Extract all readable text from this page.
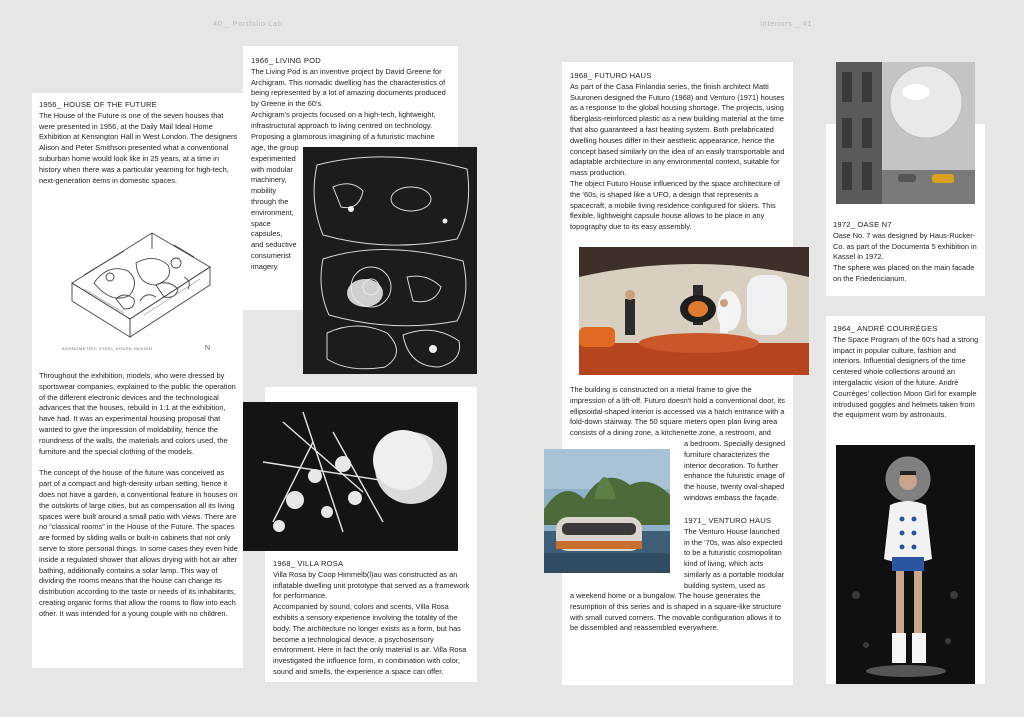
40 _ Portfolio Lab	Interiors _ 41
1956_ HOUSE OF THE FUTURE

The House of the Future is one of the seven houses that were presented in 1956, at the Daily Mail Ideal Home Exhibition at Kensington Hall in West London. The designers Alison and Peter Smithson presented what a conventional suburban home would look like in 25 years, at a time in history when there was a particular yearning for high-tech, next-generation items in domestic spaces.

AXONOMETRIC STEEL HOUSE DESIGN	N

Throughout the exhibition, models, who were dressed by sportswear companies, explained to the public the operation of the different electronic devices and the technological advances that the houses, rebuild in 1:1 at the exhibition, have had. It was an experimental housing proposal that wanted to give the impression of moldability, hence the roundness of the walls, the materials and colors used, the furniture and the special clothing of the models.

The concept of the house of the future was conceived as part of a compact and high-density urban setting, hence it does not have a garden, a conventional feature in houses on the outskirts of large cities, but as compensation all its living spaces were built around a small patio with views. There are no “classical rooms” in the House of the Future. The spaces are formed by sliding walls or built-in cabinets that not only serve to store personal things. In some cases they even hide inside a regulated shower that allows drying with hot air after bathing, additionally contains a solar lamp. This way of dividing the rooms means that the house can change its distribution according to the taste or needs of its inhabitants, creating organic forms that allow the rooms to flow into each other. It was intended for a young couple with no children.

1966_ LIVING POD

The Living Pod is an inventive project by David Greene for Archigram. This nomadic dwelling has the characteristics of being represented by a lot of amazing documents produced by Greene in the 60's.

Archigram's projects focused on a high-tech, lightweight, infrastructural approach to living centred on technology. Proposing a glamorous imagining of a futuristic machine

age, the group
experimented
with modular
machinery,
mobility
through the
environment,
space capsules,
and seductive
consumerist
imagery.
1968_ VILLA ROSA

Villa Rosa by Coop Himmelb(l)au was constructed as an inflatable dwelling unit prototype that served as a framework for performance.

Accompanied by sound, colors and scents, Villa Rosa exhibits a sensory experience involving the totality of the body. The architecture no longer exists as a form, but has become a technological device, a psychosensory environment. Here in fact the only material is air. Villa Rosa investigated the influence form, in combination with color, sound and smells, the experience a space can offer.

1968_ FUTURO HAUS

As part of the Casa Finlandia series, the finish architect Matti Suuronen designed the Futuro (1968) and Venturo (1971) houses as a response to the global housing shortage. The projects, using fiberglass-reinforced plastic as a new building material at the time that also guaranteed a fast heating system. Both prefabricated dwelling houses differ in their aesthetic appearance, hence the concept based similarly on the idea of an easily transportable and adaptable architecture in any environmental context, suitable for mass production.

The object Futuro House influenced by the space architecture of the ‘60s, is shaped like a UFO, a design that represents a spacecraft, a mobile living residence configured for skiers. This flexible, lightweight capsule house allows to be place in any topography due to its easy assembly.

The building is constructed on a metal frame to give the impression of a lift-off. Futuro doesn't hold a conventional door, its ellipsoidal-shaped interior is accessed via a hatch entrance with a fold-down stairway. The 50 square meters open plan living area consists of a dining zone, a kitchenette zone, a restroom, and

a bedroom. Specially designed
furniture characterizes the
interior decoration. To further
enhance the futuristic image of
the house, twenty oval-shaped
windows embass the façade.
1971_ VENTURO HAUS
The Venturo House launched
in the ‘70s, was also expected
to be a futuristic cosmopolitan
kind of living, which acts
similarly as a portable modular
building system, used as

a weekend home or a bungalow. The house generates the resumption of this series and is shaped in a square-like structure with small curved corners. The movable configuration allows it to be dissembled and reassembled everywhere.

1972_ OASE N7

Oase No. 7 was designed by Haus-Rucker-Co. as part of the Documenta 5 exhibition in Kassel in 1972.

The sphere was placed on the main facade on the Friedericianum.

1964_ ANDRÉ COURRÈGES

The Space Program of the 60's had a strong impact in popular culture, fashion and interiors. Influential designers of the time centered whole collections around an intergalactic vision of the future. André Courrèges' collection Moon Girl for example introdused goggles and helmets taken from the equipment worn by astronauts.
